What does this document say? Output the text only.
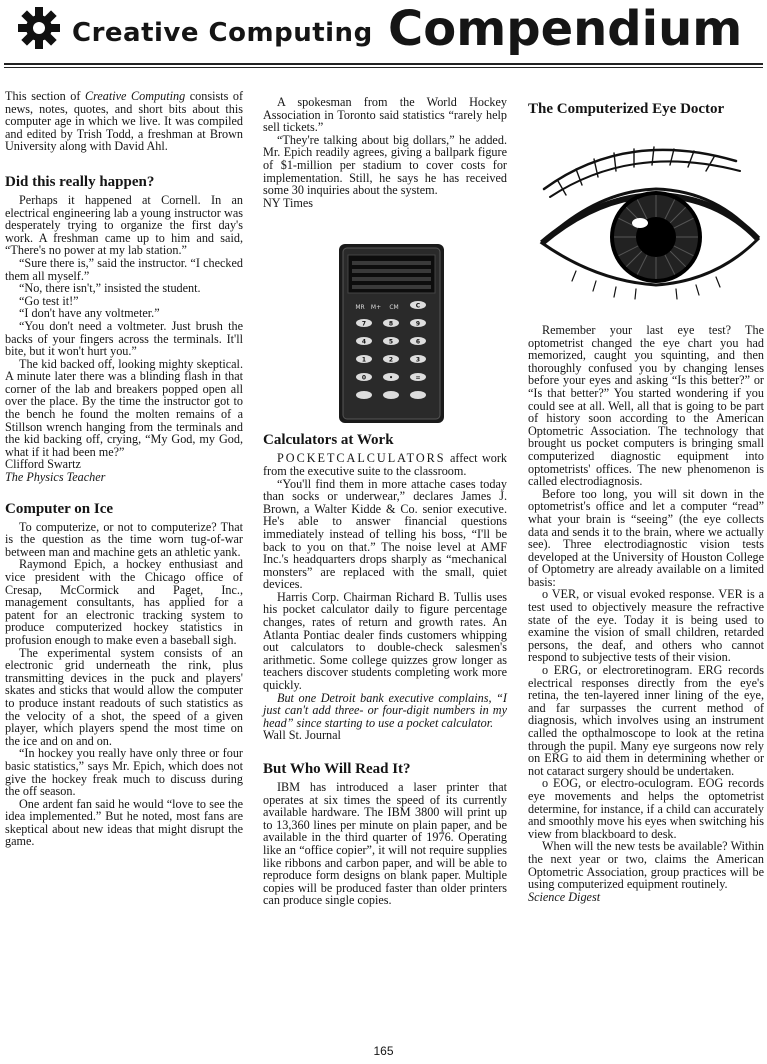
Creative Computing Compendium

This section of Creative Computing consists of news, notes, quotes, and short bits about this computer age in which we live. It was compiled and edited by Trish Todd, a freshman at Brown University along with David Ahl.

Did this really happen?

Perhaps it happened at Cornell. In an electrical engineering lab a young instructor was desperately trying to organize the first day's work. A freshman came up to him and said, “There's no power at my lab station.”

“Sure there is,” said the instructor. “I checked them all myself.”

“No, there isn't,” insisted the student.

“Go test it!”

“I don't have any voltmeter.”

“You don't need a voltmeter. Just brush the backs of your fingers across the terminals. It'll bite, but it won't hurt you.”

The kid backed off, looking mighty skeptical. A minute later there was a blinding flash in that corner of the lab and breakers popped open all over the place. By the time the instructor got to the bench he found the molten remains of a Stillson wrench hanging from the terminals and the kid backing off, crying, “My God, my God, what if it had been me?”

Clifford Swartz

The Physics Teacher

Computer on Ice

To computerize, or not to computerize? That is the question as the time worn tug-of-war between man and machine gets an athletic yank.

Raymond Epich, a hockey enthusiast and vice president with the Chicago office of Cresap, McCormick and Paget, Inc., management consultants, has applied for a patent for an electronic tracking system to produce computerized hockey statistics in profusion enough to make even a baseball sigh.

The experimental system consists of an electronic grid underneath the rink, plus transmitting devices in the puck and players' skates and sticks that would allow the computer to produce instant readouts of such statistics as the velocity of a shot, the speed of a given player, which players spend the most time on the ice and on and on.

“In hockey you really have only three or four basic statistics,” says Mr. Epich, which does not give the hockey freak much to discuss during the off season.

One ardent fan said he would “love to see the idea implemented.” But he noted, most fans are skeptical about new ideas that might disrupt the game.

A spokesman from the World Hockey Association in Toronto said statistics “rarely help sell tickets.”

“They're talking about big dollars,” he added. Mr. Epich readily agrees, giving a ballpark figure of $1-million per stadium to cover costs for implementation. Still, he says he has received some 30 inquiries about the system.

NY Times

Calculators at Work

POCKETCALCULATORS affect work from the executive suite to the classroom.

“You'll find them in more attache cases today than socks or underwear,” declares James J. Brown, a Walter Kidde & Co. senior executive. He's able to answer financial questions immediately instead of telling his boss, “I'll be back to you on that.” The noise level at AMF Inc.'s headquarters drops sharply as “mechanical monsters” are replaced with the small, quiet devices.

Harris Corp. Chairman Richard B. Tullis uses his pocket calculator daily to figure percentage changes, rates of return and growth rates. An Atlanta Pontiac dealer finds customers whipping out calculators to double-check salesmen's arithmetic. Some college quizzes grow longer as teachers discover students completing work more quickly.

But one Detroit bank executive complains, “I just can't add three- or four-digit numbers in my head” since starting to use a pocket calculator.

Wall St. Journal

But Who Will Read It?

IBM has introduced a laser printer that operates at six times the speed of its currently available hardware. The IBM 3800 will print up to 13,360 lines per minute on plain paper, and be available in the third quarter of 1976. Operating like an “office copier”, it will not require supplies like ribbons and carbon paper, and will be able to reproduce form designs on blank paper. Multiple copies will be produced faster than older printers can produce single copies.

C
7	8	9
4	5	6
1	2	3
0	•	=
MR M+ CM

The Computerized Eye Doctor

Remember your last eye test? The optometrist changed the eye chart you had memorized, caught you squinting, and then thoroughly confused you by changing lenses before your eyes and asking “Is this better?” or “Is that better?” You started wondering if you could see at all. Well, all that is going to be part of history soon according to the American Optometric Association. The technology that brought us pocket computers is bringing small computerized diagnostic equipment into optometrists' offices. The new phenomenon is called electrodiagnosis.

Before too long, you will sit down in the optometrist's office and let a computer “read” what your brain is “seeing” (the eye collects data and sends it to the brain, where we actually see). Three electrodiagnostic vision tests developed at the University of Houston College of Optometry are already available on a limited basis:

o VER, or visual evoked response. VER is a test used to objectively measure the refractive state of the eye. Today it is being used to examine the vision of small children, retarded persons, the deaf, and others who cannot respond to subjective tests of their vision.

o ERG, or electroretinogram. ERG records electrical responses directly from the eye's retina, the ten-layered inner lining of the eye, and far surpasses the current method of diagnosis, which involves using an instrument called the opthalmoscope to look at the retina through the pupil. Many eye surgeons now rely on ERG to aid them in determining whether or not cataract surgery should be undertaken.

o EOG, or electro-oculogram. EOG records eye movements and helps the optometrist determine, for instance, if a child can accurately and smoothly move his eyes when switching his view from blackboard to desk.

When will the new tests be available? Within the next year or two, claims the American Optometric Association, group practices will be using computerized equipment routinely.

Science Digest

165
